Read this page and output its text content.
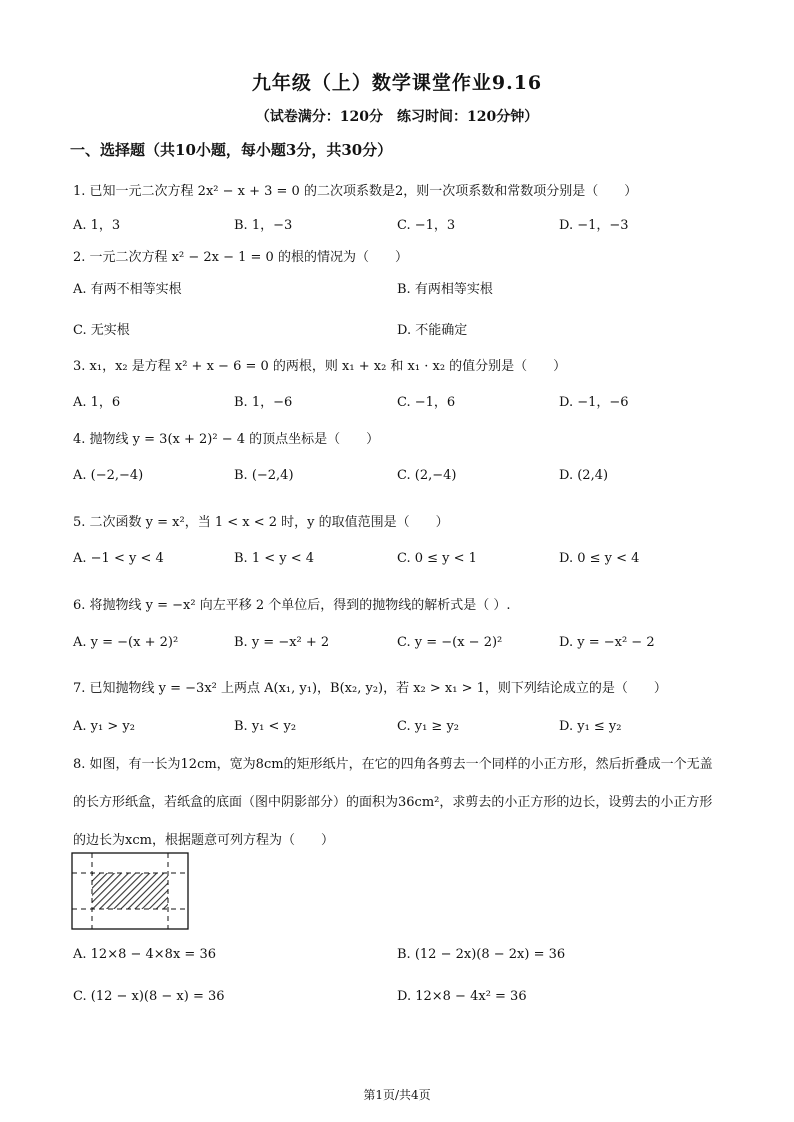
九年级（上）数学课堂作业9.16
（试卷满分：120分　练习时间：120分钟）
一、选择题（共10小题，每小题3分，共30分）
1. 已知一元二次方程 2x² − x + 3 = 0 的二次项系数是2，则一次项系数和常数项分别是（　　）
A. 1，3	B. 1，−3	C. −1，3	D. −1，−3
2. 一元二次方程 x² − 2x − 1 = 0 的根的情况为（　　）
A. 有两不相等实根	B. 有两相等实根
C. 无实根	D. 不能确定
3. x₁，x₂ 是方程 x² + x − 6 = 0 的两根，则 x₁ + x₂ 和 x₁ · x₂ 的值分别是（　　）
A. 1，6	B. 1，−6	C. −1，6	D. −1，−6
4. 抛物线 y = 3(x + 2)² − 4 的顶点坐标是（　　）
A. (−2,−4)	B. (−2,4)	C. (2,−4)	D. (2,4)
5. 二次函数 y = x²，当 1 < x < 2 时，y 的取值范围是（　　）
A. −1 < y < 4	B. 1 < y < 4	C. 0 ≤ y < 1	D. 0 ≤ y < 4
6. 将抛物线 y = −x² 向左平移 2 个单位后，得到的抛物线的解析式是（ ）.
A. y = −(x + 2)²	B. y = −x² + 2	C. y = −(x − 2)²	D. y = −x² − 2
7. 已知抛物线 y = −3x² 上两点 A(x₁, y₁)，B(x₂, y₂)，若 x₂ > x₁ > 1，则下列结论成立的是（　　）
A. y₁ > y₂	B. y₁ < y₂	C. y₁ ≥ y₂	D. y₁ ≤ y₂
8. 如图，有一长为12cm，宽为8cm的矩形纸片，在它的四角各剪去一个同样的小正方形，然后折叠成一个无盖的长方形纸盒，若纸盒的底面（图中阴影部分）的面积为36cm²，求剪去的小正方形的边长，设剪去的小正方形的边长为xcm，根据题意可列方程为（　　）
A. 12×8 − 4×8x = 36	B. (12 − 2x)(8 − 2x) = 36
C. (12 − x)(8 − x) = 36	D. 12×8 − 4x² = 36
第1页/共4页
